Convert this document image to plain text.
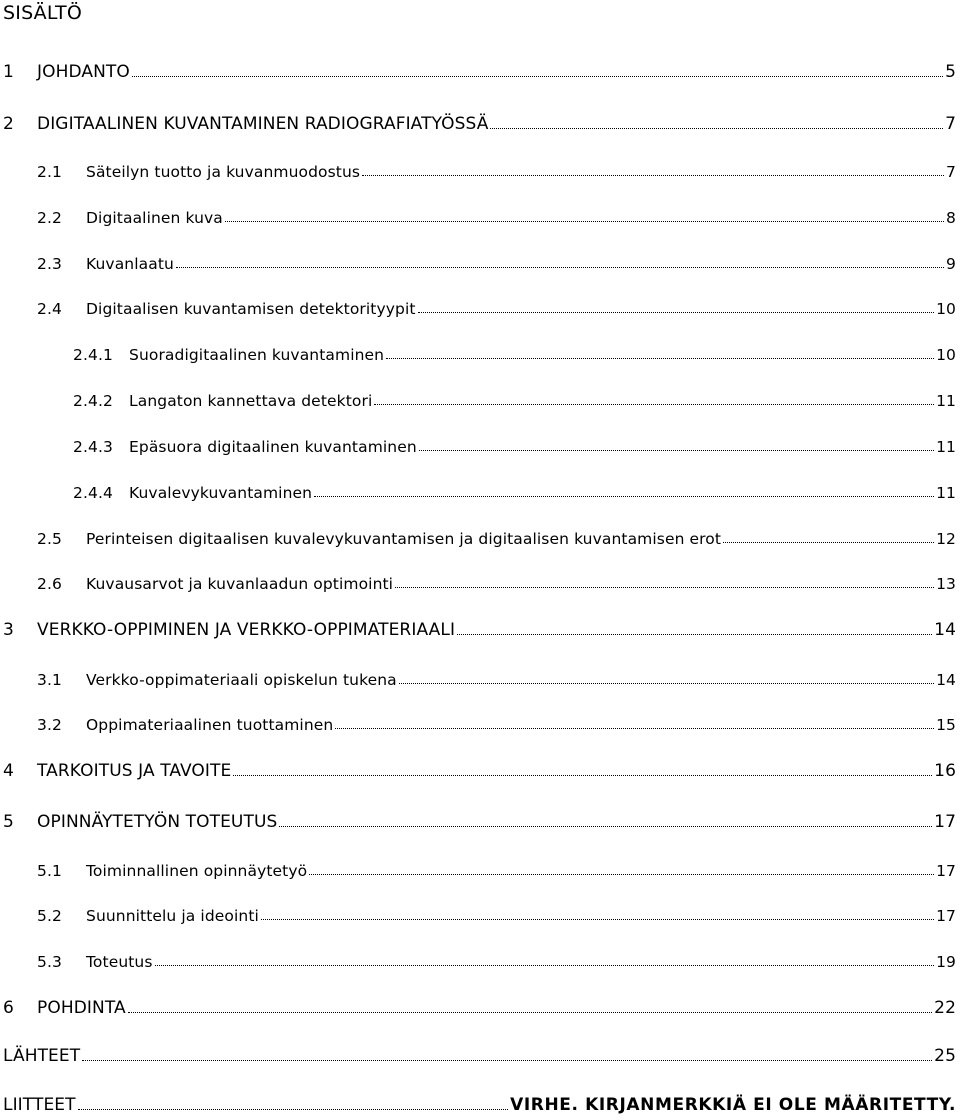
SISÄLTÖ
1	JOHDANTO	5
2	DIGITAALINEN KUVANTAMINEN RADIOGRAFIATYÖSSÄ	7
2.1	Säteilyn tuotto ja kuvanmuodostus	7
2.2	Digitaalinen kuva	8
2.3	Kuvanlaatu	9
2.4	Digitaalisen kuvantamisen detektorityypit	10
2.4.1	Suoradigitaalinen kuvantaminen	10
2.4.2	Langaton kannettava detektori	11
2.4.3	Epäsuora digitaalinen kuvantaminen	11
2.4.4	Kuvalevykuvantaminen	11
2.5	Perinteisen digitaalisen kuvalevykuvantamisen ja digitaalisen kuvantamisen erot	12
2.6	Kuvausarvot ja kuvanlaadun optimointi	13
3	VERKKO-OPPIMINEN JA VERKKO-OPPIMATERIAALI	14
3.1	Verkko-oppimateriaali opiskelun tukena	14
3.2	Oppimateriaalinen tuottaminen	15
4	TARKOITUS JA TAVOITE	16
5	OPINNÄYTETYÖN TOTEUTUS	17
5.1	Toiminnallinen opinnäytetyö	17
5.2	Suunnittelu ja ideointi	17
5.3	Toteutus	19
6	POHDINTA	22
LÄHTEET	25
LIITTEET	VIRHE. KIRJANMERKKIÄ EI OLE MÄÄRITETTY.
